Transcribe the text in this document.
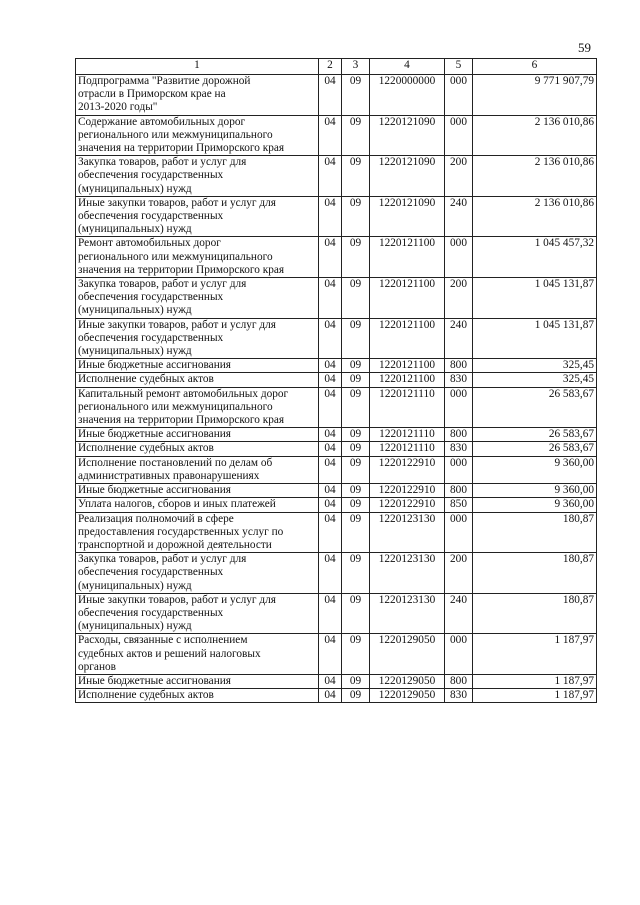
59
1	2	3	4	5	6
Подпрограмма "Развитие дорожной
отрасли в Приморском крае на
2013-2020 годы"	04	09	1220000000	000	9 771 907,79
Содержание автомобильных дорог
регионального или межмуниципального
значения на территории Приморского края	04	09	1220121090	000	2 136 010,86
Закупка товаров, работ и услуг для
обеспечения государственных
(муниципальных) нужд	04	09	1220121090	200	2 136 010,86
Иные закупки товаров, работ и услуг для
обеспечения государственных
(муниципальных) нужд	04	09	1220121090	240	2 136 010,86
Ремонт автомобильных дорог
регионального или межмуниципального
значения на территории Приморского края	04	09	1220121100	000	1 045 457,32
Закупка товаров, работ и услуг для
обеспечения государственных
(муниципальных) нужд	04	09	1220121100	200	1 045 131,87
Иные закупки товаров, работ и услуг для
обеспечения государственных
(муниципальных) нужд	04	09	1220121100	240	1 045 131,87
Иные бюджетные ассигнования	04	09	1220121100	800	325,45
Исполнение судебных актов	04	09	1220121100	830	325,45
Капитальный ремонт автомобильных дорог
регионального или межмуниципального
значения на территории Приморского края	04	09	1220121110	000	26 583,67
Иные бюджетные ассигнования	04	09	1220121110	800	26 583,67
Исполнение судебных актов	04	09	1220121110	830	26 583,67
Исполнение постановлений по делам об
административных правонарушениях	04	09	1220122910	000	9 360,00
Иные бюджетные ассигнования	04	09	1220122910	800	9 360,00
Уплата налогов, сборов и иных платежей	04	09	1220122910	850	9 360,00
Реализация полномочий в сфере
предоставления государственных услуг по
транспортной и дорожной деятельности	04	09	1220123130	000	180,87
Закупка товаров, работ и услуг для
обеспечения государственных
(муниципальных) нужд	04	09	1220123130	200	180,87
Иные закупки товаров, работ и услуг для
обеспечения государственных
(муниципальных) нужд	04	09	1220123130	240	180,87
Расходы, связанные с исполнением
судебных актов и решений налоговых
органов	04	09	1220129050	000	1 187,97
Иные бюджетные ассигнования	04	09	1220129050	800	1 187,97
Исполнение судебных актов	04	09	1220129050	830	1 187,97
